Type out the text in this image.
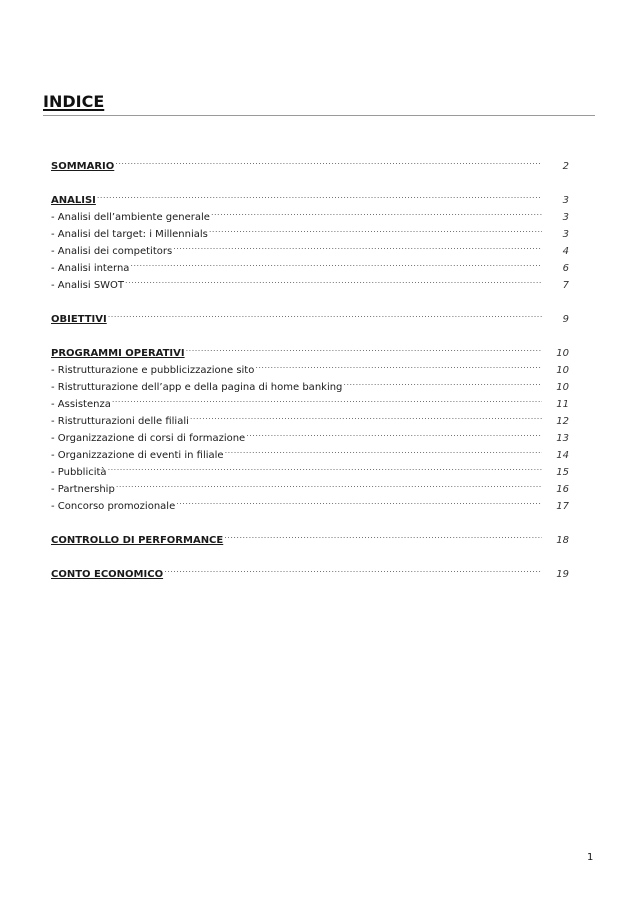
INDICE
SOMMARIO .....	2
ANALISI .....	3
- Analisi dell’ambiente generale .....	3
- Analisi del target: i Millennials .....	3
- Analisi dei competitors .....	4
- Analisi interna .....	6
- Analisi SWOT .....	7
OBIETTIVI .....	9
PROGRAMMI OPERATIVI .....	10
- Ristrutturazione e pubblicizzazione sito .....	10
- Ristrutturazione dell’app e della pagina di home banking .....	10
- Assistenza .....	11
- Ristrutturazioni delle filiali .....	12
- Organizzazione di corsi di formazione .....	13
- Organizzazione di eventi in filiale .....	14
- Pubblicità .....	15
- Partnership .....	16
- Concorso promozionale .....	17
CONTROLLO DI PERFORMANCE .....	18
CONTO ECONOMICO .....	19
1
